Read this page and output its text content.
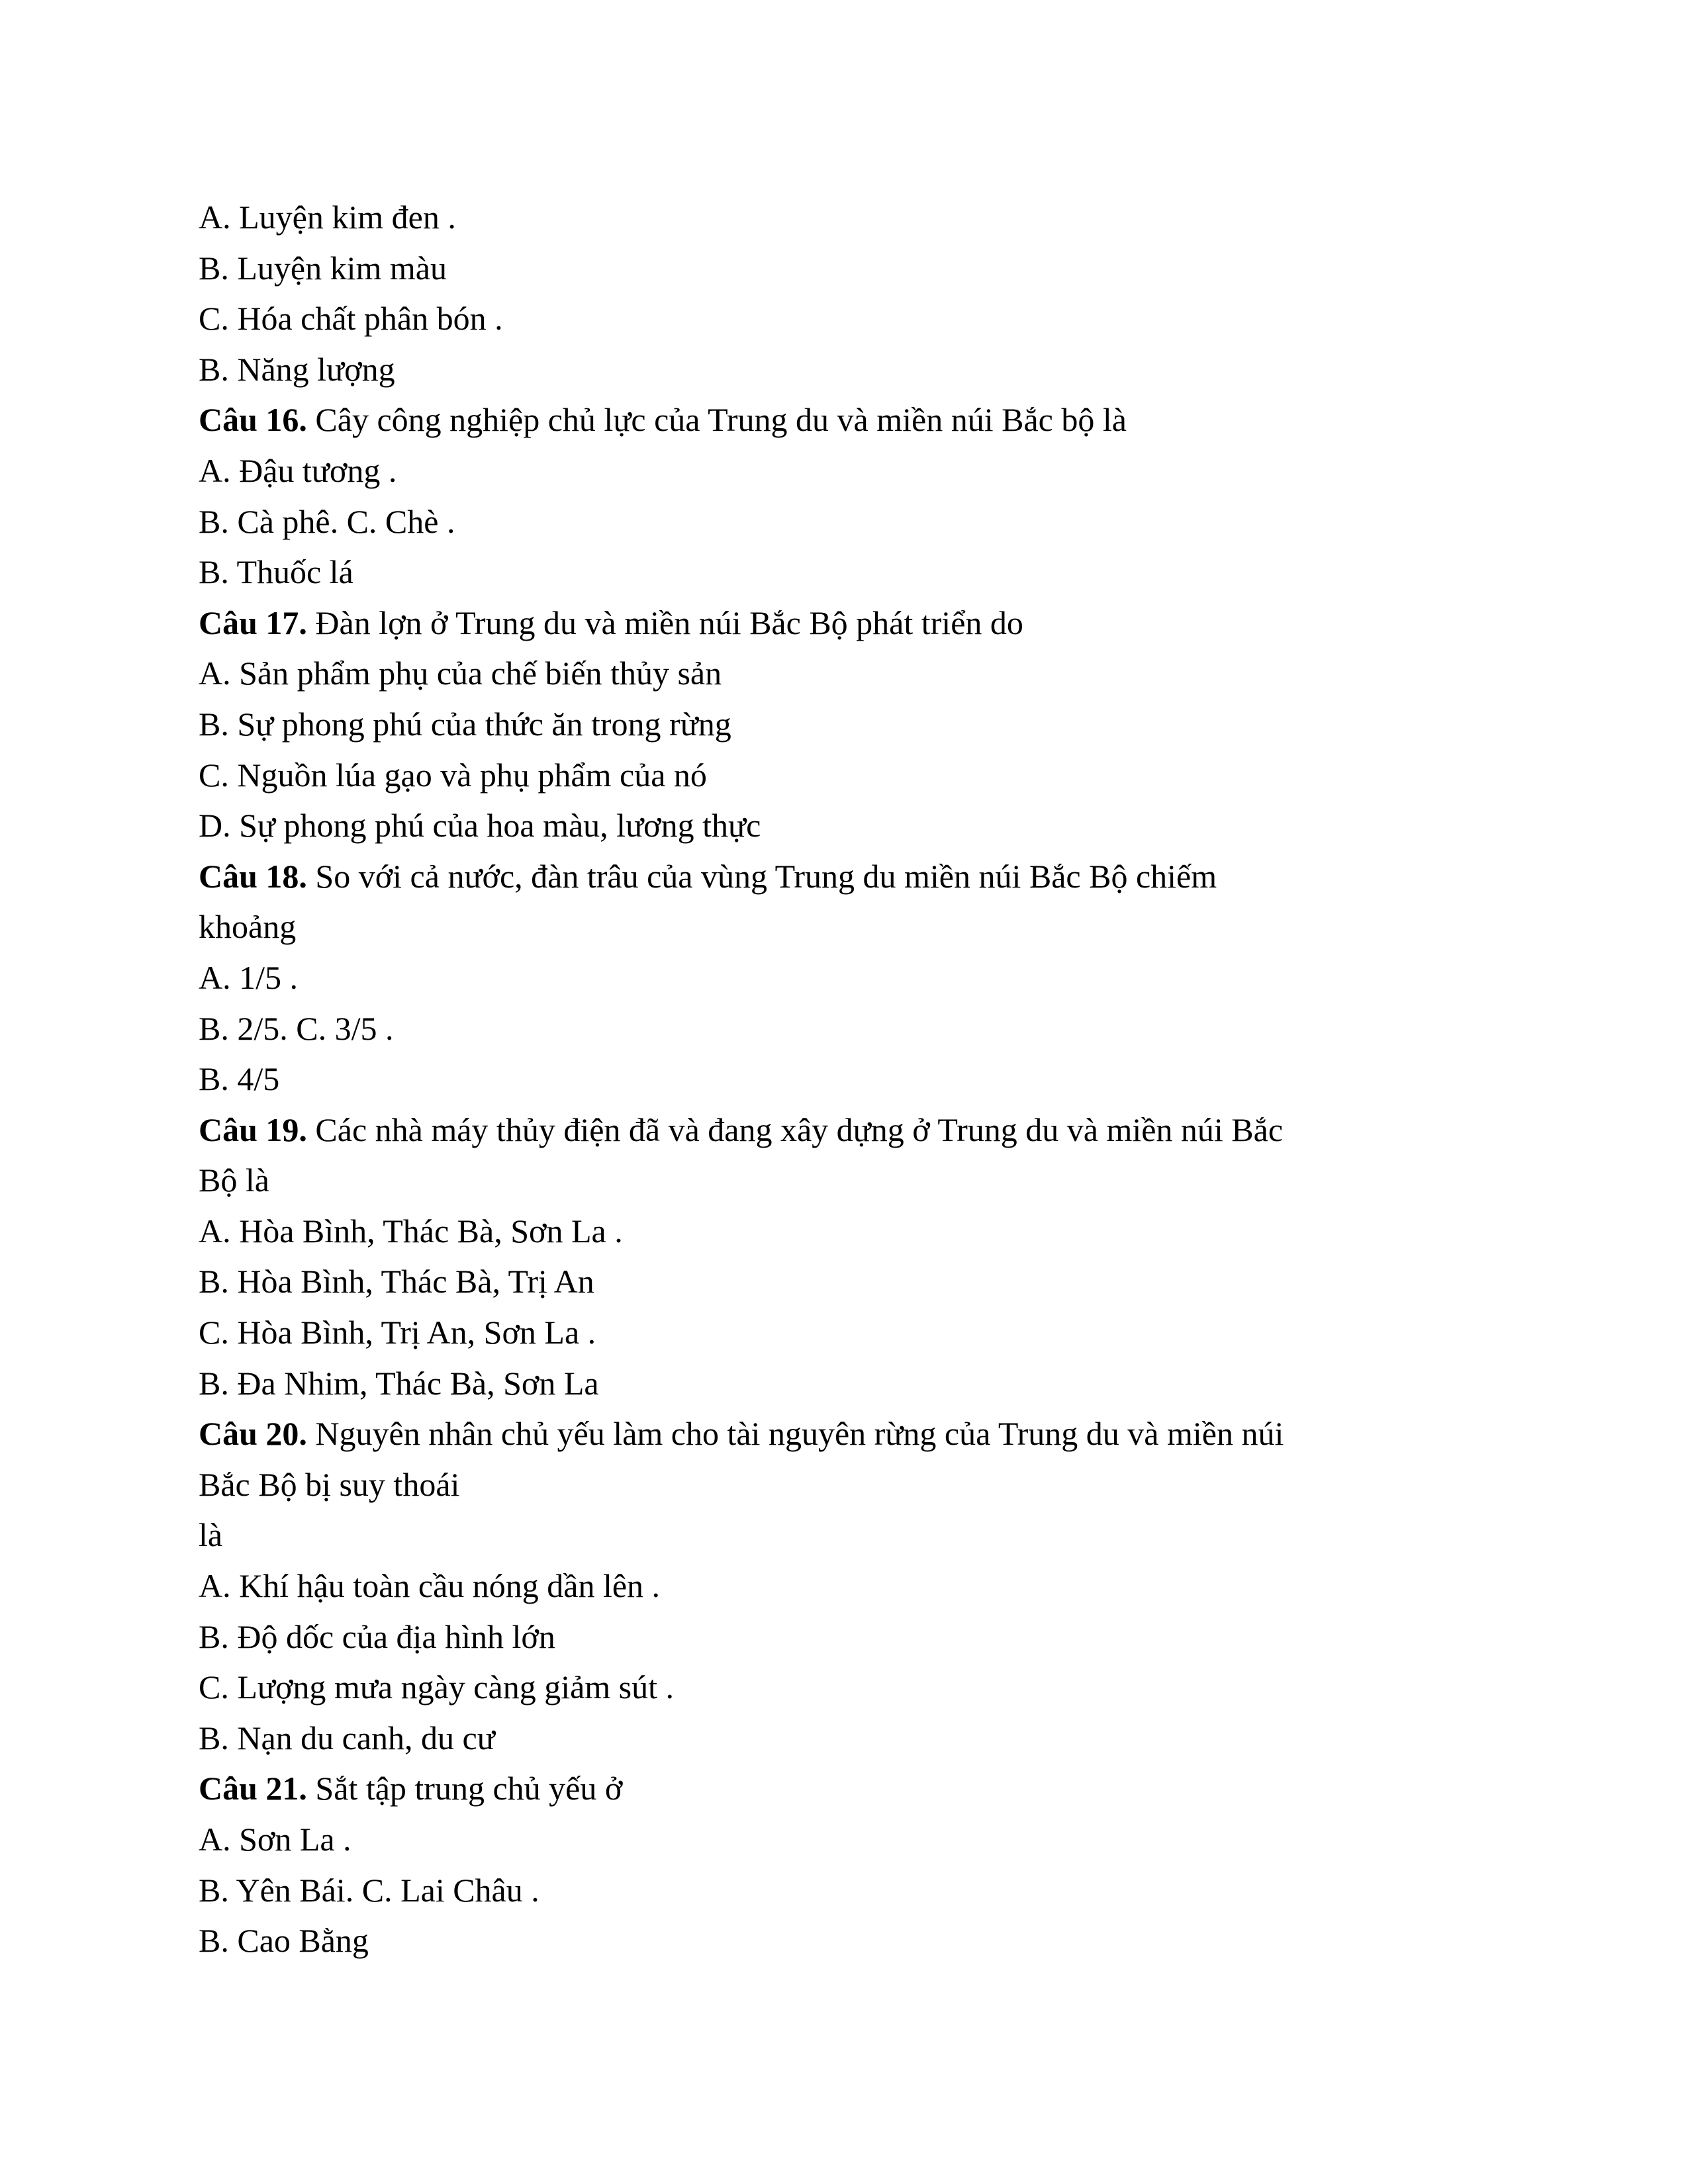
A. Luyện kim đen .

B. Luyện kim màu

C. Hóa chất phân bón .

B. Năng lượng

Câu 16. Cây công nghiệp chủ lực của Trung du và miền núi Bắc bộ là

A. Đậu tương .

B. Cà phê. C. Chè .

B. Thuốc lá

Câu 17. Đàn lợn ở Trung du và miền núi Bắc Bộ phát triển do

A. Sản phẩm phụ của chế biến thủy sản

B. Sự phong phú của thức ăn trong rừng

C. Nguồn lúa gạo và phụ phẩm của nó

D. Sự phong phú của hoa màu, lương thực

Câu 18. So với cả nước, đàn trâu của vùng Trung du miền núi Bắc Bộ chiếm

khoảng

A. 1/5 .

B. 2/5. C. 3/5 .

B. 4/5

Câu 19. Các nhà máy thủy điện đã và đang xây dựng ở Trung du và miền núi Bắc

Bộ là

A. Hòa Bình, Thác Bà, Sơn La .

B. Hòa Bình, Thác Bà, Trị An

C. Hòa Bình, Trị An, Sơn La .

B. Đa Nhim, Thác Bà, Sơn La

Câu 20. Nguyên nhân chủ yếu làm cho tài nguyên rừng của Trung du và miền núi

Bắc Bộ bị suy thoái

là

A. Khí hậu toàn cầu nóng dần lên .

B. Độ dốc của địa hình lớn

C. Lượng mưa ngày càng giảm sút .

B. Nạn du canh, du cư

Câu 21. Sắt tập trung chủ yếu ở

A. Sơn La .

B. Yên Bái. C. Lai Châu .

B. Cao Bằng
